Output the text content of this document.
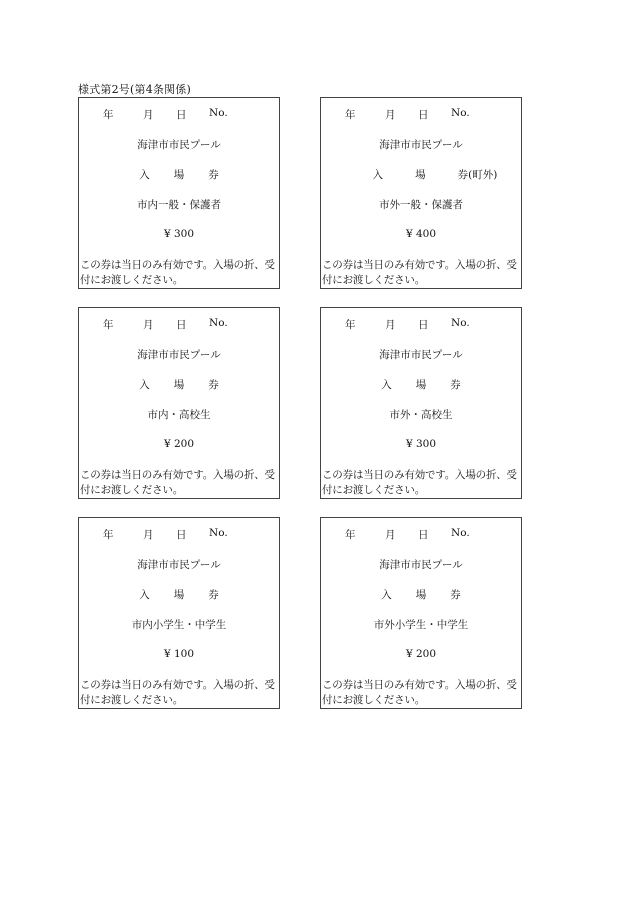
様式第2号(第4条関係)
年	月 日 No.
海津市市民プール
入 場 券
市内一般・保護者
¥ 300
この券は当日のみ有効です。入場の折、受付にお渡しください。
年	月 日 No.
海津市市民プール
入	場	券(町外)
市外一般・保護者
¥ 400
この券は当日のみ有効です。入場の折、受付にお渡しください。
年	月 日 No.
海津市市民プール
入 場 券
市内・高校生
¥ 200
この券は当日のみ有効です。入場の折、受付にお渡しください。
年	月 日 No.
海津市市民プール
入 場 券
市外・高校生
¥ 300
この券は当日のみ有効です。入場の折、受付にお渡しください。
年	月 日 No.
海津市市民プール
入 場 券
市内小学生・中学生
¥ 100
この券は当日のみ有効です。入場の折、受付にお渡しください。
年	月 日 No.
海津市市民プール
入 場 券
市外小学生・中学生
¥ 200
この券は当日のみ有効です。入場の折、受付にお渡しください。
